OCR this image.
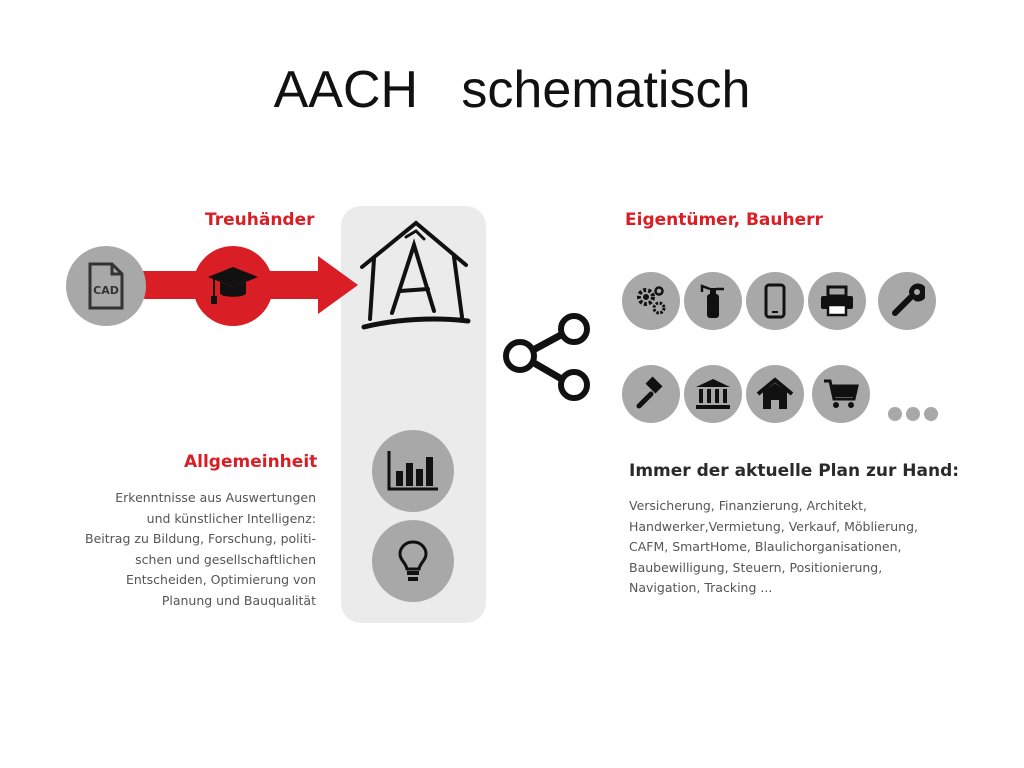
AACH   schematisch
Treuhänder
CAD
Eigentümer, Bauherr
Allgemeinheit
Erkenntnisse aus Auswertungen
und künstlicher Intelligenz:
Beitrag zu Bildung, Forschung, politi-
schen und gesellschaftlichen
Entscheiden, Optimierung von
Planung und Bauqualität
Immer der aktuelle Plan zur Hand:
Versicherung, Finanzierung, Architekt,
Handwerker,Vermietung, Verkauf, Möblierung,
CAFM, SmartHome, Blaulichorganisationen,
Baubewilligung, Steuern, Positionierung,
Navigation, Tracking ...
